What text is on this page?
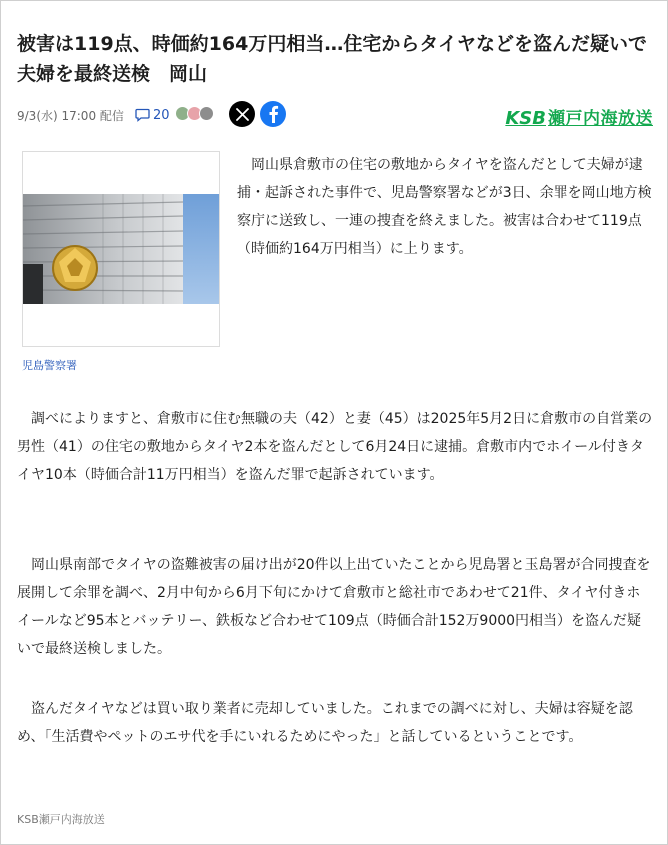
被害は119点、時価約164万円相当…住宅からタイヤなどを盗んだ疑いで夫婦を最終送検　岡山
9/3(水) 17:00 配信 20	KSB 瀬戸内海放送
児島警察署

　岡山県倉敷市の住宅の敷地からタイヤを盗んだとして夫婦が逮捕・起訴された事件で、児島警察署などが3日、余罪を岡山地方検察庁に送致し、一連の捜査を終えました。被害は合わせて119点（時価約164万円相当）に上ります。

　調べによりますと、倉敷市に住む無職の夫（42）と妻（45）は2025年5月2日に倉敷市の自営業の男性（41）の住宅の敷地からタイヤ2本を盗んだとして6月24日に逮捕。倉敷市内でホイール付きタイヤ10本（時価合計11万円相当）を盗んだ罪で起訴されています。

　岡山県南部でタイヤの盗難被害の届け出が20件以上出ていたことから児島署と玉島署が合同捜査を展開して余罪を調べ、2月中旬から6月下旬にかけて倉敷市と総社市であわせて21件、タイヤ付きホイールなど95本とバッテリー、鉄板など合わせて109点（時価合計152万9000円相当）を盗んだ疑いで最終送検しました。

　盗んだタイヤなどは買い取り業者に売却していました。これまでの調べに対し、夫婦は容疑を認め、「生活費やペットのエサ代を手にいれるためにやった」と話しているということです。

KSB瀬戸内海放送
